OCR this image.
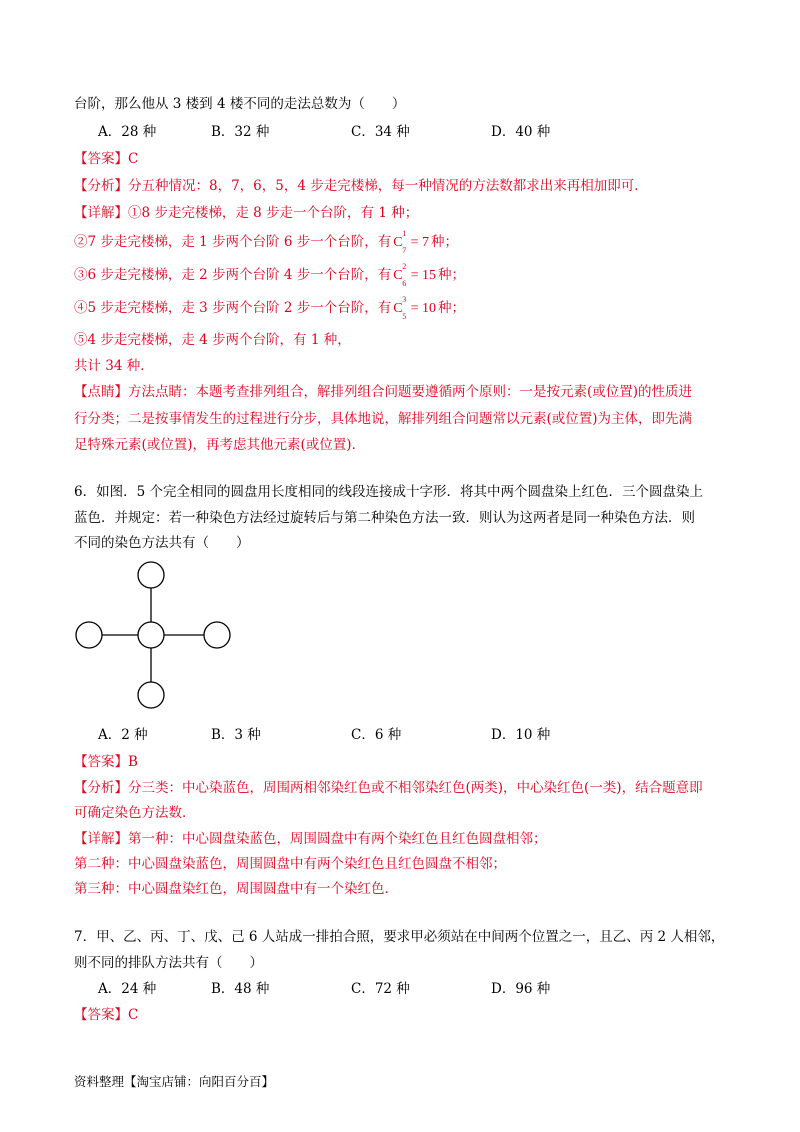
台阶，那么他从 3 楼到 4 楼不同的走法总数为（　　）
A．28 种	B．32 种	C．34 种	D．40 种
【答案】C
【分析】分五种情况：8，7，6，5，4 步走完楼梯，每一种情况的方法数都求出来再相加即可．
【详解】①8 步走完楼梯，走 8 步走一个台阶，有 1 种；
②7 步走完楼梯，走 1 步两个台阶 6 步一个台阶，有 C
1
7
= 7 种；
③6 步走完楼梯，走 2 步两个台阶 4 步一个台阶，有 C
2
6
= 15 种；
④5 步走完楼梯，走 3 步两个台阶 2 步一个台阶，有 C
3
5
= 10 种；
⑤4 步走完楼梯，走 4 步两个台阶，有 1 种，
共计 34 种．
【点睛】方法点睛：本题考查排列组合，解排列组合问题要遵循两个原则：一是按元素(或位置)的性质进
行分类；二是按事情发生的过程进行分步，具体地说，解排列组合问题常以元素(或位置)为主体，即先满
足特殊元素(或位置)，再考虑其他元素(或位置)．
6．如图．5 个完全相同的圆盘用长度相同的线段连接成十字形．将其中两个圆盘染上红色．三个圆盘染上
蓝色．并规定：若一种染色方法经过旋转后与第二种染色方法一致．则认为这两者是同一种染色方法．则
不同的染色方法共有（　　）
A．2 种	B．3 种	C．6 种	D．10 种
【答案】B
【分析】分三类：中心染蓝色，周围两相邻染红色或不相邻染红色(两类)，中心染红色(一类)，结合题意即
可确定染色方法数．
【详解】第一种：中心圆盘染蓝色，周围圆盘中有两个染红色且红色圆盘相邻；
第二种：中心圆盘染蓝色，周围圆盘中有两个染红色且红色圆盘不相邻；
第三种：中心圆盘染红色，周围圆盘中有一个染红色．
7．甲、乙、丙、丁、戊、己 6 人站成一排拍合照，要求甲必须站在中间两个位置之一，且乙、丙 2 人相邻，
则不同的排队方法共有（　　）
A．24 种	B．48 种	C．72 种	D．96 种
【答案】C
资料整理【淘宝店铺：向阳百分百】
